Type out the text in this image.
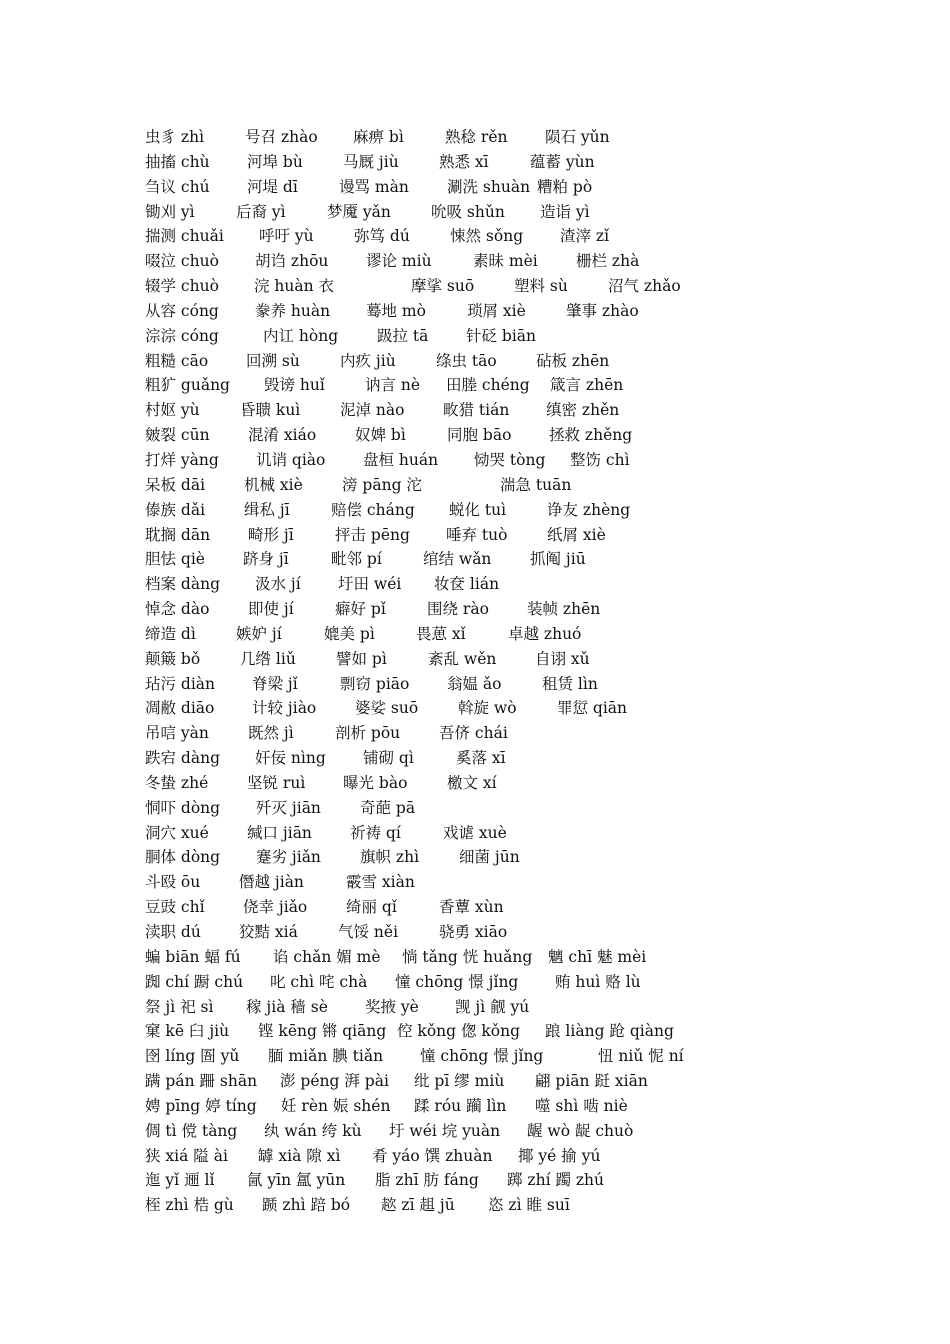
虫豸 zhì	号召 zhào 麻痹 bì	熟稔 rěn 陨石 yǔn
抽搐 chù 河埠 bù	马厩 jiù	熟悉 xī	蕴蓄 yùn
刍议 chú 河堤 dī	谩骂 màn 涮洗 shuàn 糟粕 pò
锄刈 yì	后裔 yì	梦魇 yǎn	吮吸 shǔn 造诣 yì
揣测 chuǎi 呼吁 yù	弥笃 dú	悚然 sǒng 渣滓 zǐ
啜泣 chuò 胡诌 zhōu 谬论 miù	素昧 mèi 栅栏 zhà
辍学 chuò 浣 huàn 衣	摩挲 suō	塑料 sù	沼气 zhǎo
从容 cóng 豢养 huàn 蓦地 mò	琐屑 xiè	肇事 zhào
淙淙 cóng	内讧 hòng	趿拉 tā 针砭 biān
粗糙 cāo 回溯 sù	内疚 jiù	绦虫 tāo	砧板 zhēn
粗犷 guǎng 毁谤 huǐ	讷言 nè 田塍 chéng 箴言 zhēn
村妪 yù	昏聩 kuì	泥淖 nào 畋猎 tián 缜密 zhěn
皴裂 cūn 混淆 xiáo	奴婢 bì	同胞 bāo 拯救 zhěng
打烊 yàng 讥诮 qiào 盘桓 huán 恸哭 tòng 整饬 chì
呆板 dāi	机械 xiè	滂 pāng 沱	湍急 tuān
傣族 dǎi	缉私 jī	赔偿 cháng 蜕化 tuì	诤友 zhèng
耽搁 dān 畸形 jī	抨击 pēng 唾弃 tuò	纸屑 xiè
胆怯 qiè 跻身 jī	毗邻 pí	绾结 wǎn 抓阄 jiū
档案 dàng 汲水 jí 圩田 wéi 妆奁 lián
悼念 dào 即使 jí	癖好 pǐ	围绕 rào 装帧 zhēn
缔造 dì	嫉妒 jí	媲美 pì	畏葸 xǐ	卓越 zhuó
颠簸 bǒ	几绺 liǔ	譬如 pì	紊乱 wěn 自诩 xǔ
玷污 diàn 脊梁 jǐ	剽窃 piāo 翁媪 ǎo	租赁 lìn
凋敝 diāo 计较 jiào 婆娑 suō	斡旋 wò	罪愆 qiān
吊唁 yàn	既然 jì	剖析 pōu	吾侪 chái
跌宕 dàng 奸佞 nìng 铺砌 qì	奚落 xī
冬蛰 zhé	坚锐 ruì 曝光 bào	檄文 xí
恫吓 dòng 歼灭 jiān	奇葩 pā
洞穴 xué 缄口 jiān 祈祷 qí	戏谑 xuè
胴体 dòng 蹇劣 jiǎn	旗帜 zhì	细菌 jūn
斗殴 ōu	僭越 jiàn	霰雪 xiàn
豆豉 chǐ 侥幸 jiǎo 绮丽 qǐ	香蕈 xùn
渎职 dú 狡黠 xiá	气馁 něi	骁勇 xiāo
蝙 biān 蝠 fú 谄 chǎn 媚 mè 惝 tǎng 恍 huǎng 魑 chī 魅 mèi
踟 chí 蹰 chú 叱 chì 咤 chà 憧 chōng 憬 jǐng 贿 huì 赂 lù
祭 jì 祀 sì 稼 jià 穑 sè 奖掖 yè 觊 jì 觎 yú
窠 kē 臼 jiù 铿 kēng 锵 qiāng 倥 kǒng 偬 kǒng 踉 liàng 跄 qiàng
囹 líng 圄 yǔ 腼 miǎn 腆 tiǎn 憧 chōng 憬 jǐng	忸 niǔ 怩 ní
蹒 pán 跚 shān 澎 péng 湃 pài 纰 pī 缪 miù 翩 piān 跹 xiān
娉 pīng 婷 tíng 妊 rèn 娠 shén 蹂 róu 躏 lìn 噬 shì 啮 niè
倜 tì 傥 tàng 纨 wán 绔 kù 圩 wéi 垸 yuàn 龌 wò 龊 chuò
狭 xiá 隘 ài 罅 xià 隙 xì 肴 yáo 馔 zhuàn 揶 yé 揄 yú
迤 yǐ 逦 lǐ 氤 yīn 氲 yūn 脂 zhī 肪 fáng 踯 zhí 躅 zhú
桎 zhì 梏 gù 踬 zhì 踣 bó 趑 zī 趄 jū 恣 zì 睢 suī
